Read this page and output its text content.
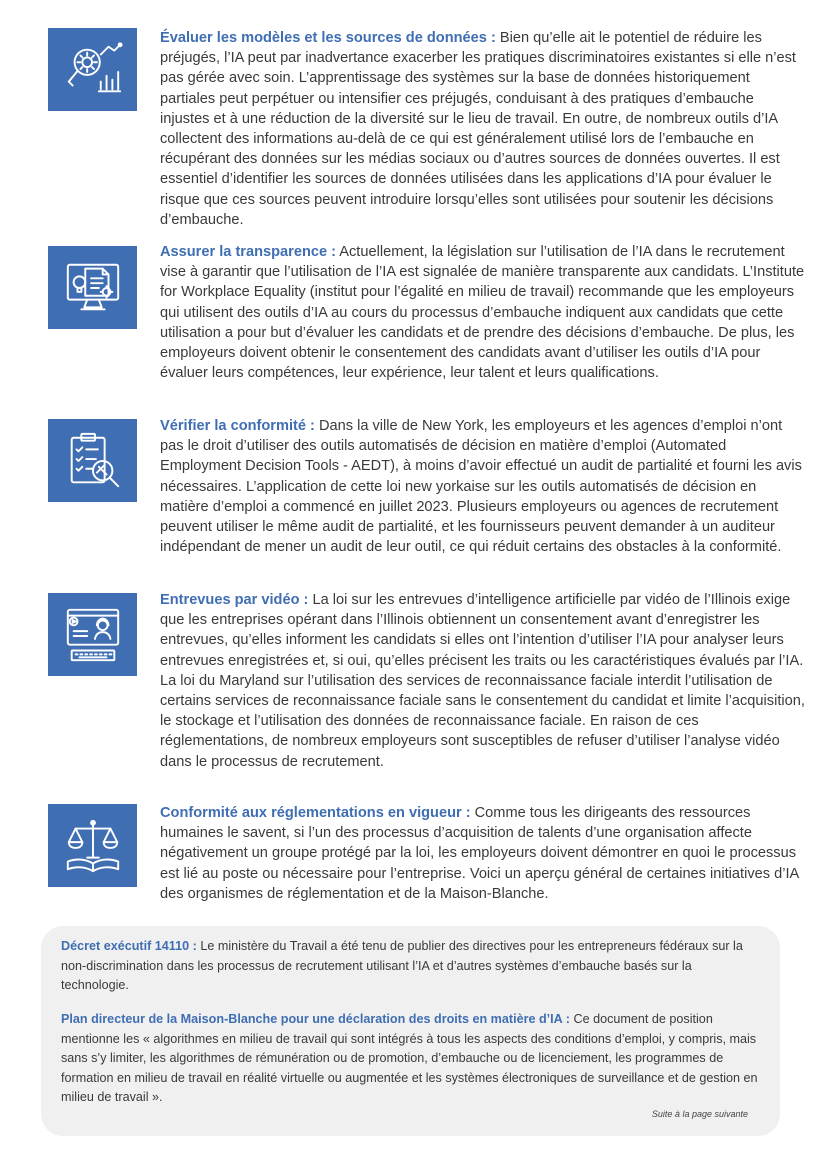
Évaluer les modèles et les sources de données : Bien qu’elle ait le potentiel de réduire les préjugés, l’IA peut par inadvertance exacerber les pratiques discriminatoires existantes si elle n’est pas gérée avec soin. L’apprentissage des systèmes sur la base de données historiquement partiales peut perpétuer ou intensifier ces préjugés, conduisant à des pratiques d’embauche injustes et à une réduction de la diversité sur le lieu de travail. En outre, de nombreux outils d’IA collectent des informations au-delà de ce qui est généralement utilisé lors de l’embauche en récupérant des données sur les médias sociaux ou d’autres sources de données ouvertes. Il est essentiel d’identifier les sources de données utilisées dans les applications d’IA pour évaluer le risque que ces sources peuvent introduire lorsqu’elles sont utilisées pour soutenir les décisions d’embauche.
Assurer la transparence : Actuellement, la législation sur l’utilisation de l’IA dans le recrutement vise à garantir que l’utilisation de l’IA est signalée de manière transparente aux candidats. L’Institute for Workplace Equality (institut pour l’égalité en milieu de travail) recommande que les employeurs qui utilisent des outils d’IA au cours du processus d’embauche indiquent aux candidats que cette utilisation a pour but d’évaluer les candidats et de prendre des décisions d’embauche. De plus, les employeurs doivent obtenir le consentement des candidats avant d’utiliser les outils d’IA pour évaluer leurs compétences, leur expérience, leur talent et leurs qualifications.
Vérifier la conformité : Dans la ville de New York, les employeurs et les agences d’emploi n’ont pas le droit d’utiliser des outils automatisés de décision en matière d’emploi (Automated Employment Decision Tools - AEDT), à moins d’avoir effectué un audit de partialité et fourni les avis nécessaires. L’application de cette loi new yorkaise sur les outils automatisés de décision en matière d’emploi a commencé en juillet 2023. Plusieurs employeurs ou agences de recrutement peuvent utiliser le même audit de partialité, et les fournisseurs peuvent demander à un auditeur indépendant de mener un audit de leur outil, ce qui réduit certains des obstacles à la conformité.
Entrevues par vidéo : La loi sur les entrevues d’intelligence artificielle par vidéo de l’Illinois exige que les entreprises opérant dans l’Illinois obtiennent un consentement avant d’enregistrer les entrevues, qu’elles informent les candidats si elles ont l’intention d’utiliser l’IA pour analyser leurs entrevues enregistrées et, si oui, qu’elles précisent les traits ou les caractéristiques évalués par l’IA. La loi du Maryland sur l’utilisation des services de reconnaissance faciale interdit l’utilisation de certains services de reconnaissance faciale sans le consentement du candidat et limite l’acquisition, le stockage et l’utilisation des données de reconnaissance faciale. En raison de ces réglementations, de nombreux employeurs sont susceptibles de refuser d’utiliser l’analyse vidéo dans le processus de recrutement.
Conformité aux réglementations en vigueur : Comme tous les dirigeants des ressources humaines le savent, si l’un des processus d’acquisition de talents d’une organisation affecte négativement un groupe protégé par la loi, les employeurs doivent démontrer en quoi le processus est lié au poste ou nécessaire pour l’entreprise. Voici un aperçu général de certaines initiatives d’IA des organismes de réglementation et de la Maison-Blanche.
Décret exécutif 14110 : Le ministère du Travail a été tenu de publier des directives pour les entrepreneurs fédéraux sur la non-discrimination dans les processus de recrutement utilisant l’IA et d’autres systèmes d’embauche basés sur la technologie.
Plan directeur de la Maison-Blanche pour une déclaration des droits en matière d’IA : Ce document de position mentionne les « algorithmes en milieu de travail qui sont intégrés à tous les aspects des conditions d’emploi, y compris, mais sans s’y limiter, les algorithmes de rémunération ou de promotion, d’embauche ou de licenciement, les programmes de formation en milieu de travail en réalité virtuelle ou augmentée et les systèmes électroniques de surveillance et de gestion en milieu de travail ».
Suite à la page suivante
